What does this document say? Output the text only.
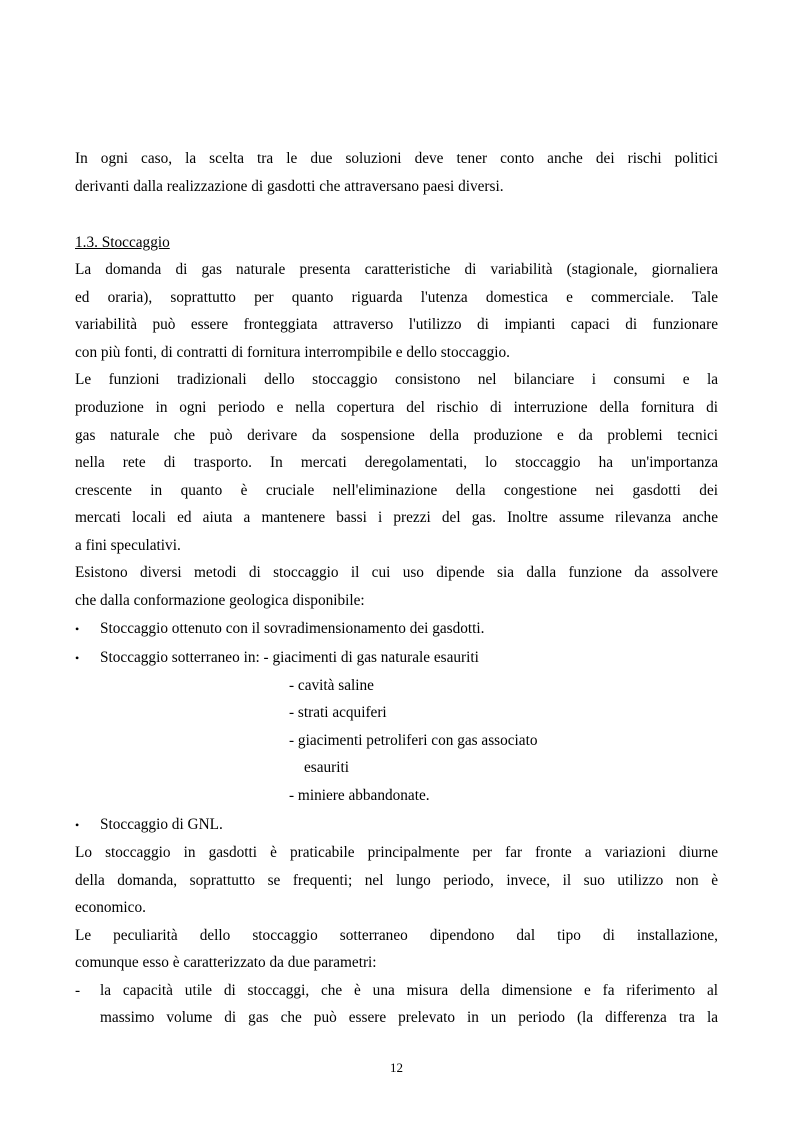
In ogni caso, la scelta tra le due soluzioni deve tener conto anche dei rischi politici
derivanti dalla realizzazione di gasdotti che attraversano paesi diversi.
1.3. Stoccaggio
La domanda di gas naturale presenta caratteristiche di variabilità (stagionale, giornaliera
ed oraria), soprattutto per quanto riguarda l'utenza domestica e commerciale. Tale
variabilità può essere fronteggiata attraverso l'utilizzo di impianti capaci di funzionare
con più fonti, di contratti di fornitura interrompibile e dello stoccaggio.
Le funzioni tradizionali dello stoccaggio consistono nel bilanciare i consumi e la
produzione in ogni periodo e nella copertura del rischio di interruzione della fornitura di
gas naturale che può derivare da sospensione della produzione e da problemi tecnici
nella rete di trasporto. In mercati deregolamentati, lo stoccaggio ha un'importanza
crescente in quanto è cruciale nell'eliminazione della congestione nei gasdotti dei
mercati locali ed aiuta a mantenere bassi i prezzi del gas. Inoltre assume rilevanza anche
a fini speculativi.
Esistono diversi metodi di stoccaggio il cui uso dipende sia dalla funzione da assolvere
che dalla conformazione geologica disponibile:
• Stoccaggio ottenuto con il sovradimensionamento dei gasdotti.
• Stoccaggio sotterraneo in: - giacimenti di gas naturale esauriti
- cavità saline
- strati acquiferi
- giacimenti petroliferi con gas associato
esauriti
- miniere abbandonate.
• Stoccaggio di GNL.
Lo stoccaggio in gasdotti è praticabile principalmente per far fronte a variazioni diurne
della domanda, soprattutto se frequenti; nel lungo periodo, invece, il suo utilizzo non è
economico.
Le peculiarità dello stoccaggio sotterraneo dipendono dal tipo di installazione,
comunque esso è caratterizzato da due parametri:
- la capacità utile di stoccaggi, che è una misura della dimensione e fa riferimento al
massimo volume di gas che può essere prelevato in un periodo (la differenza tra la
12
